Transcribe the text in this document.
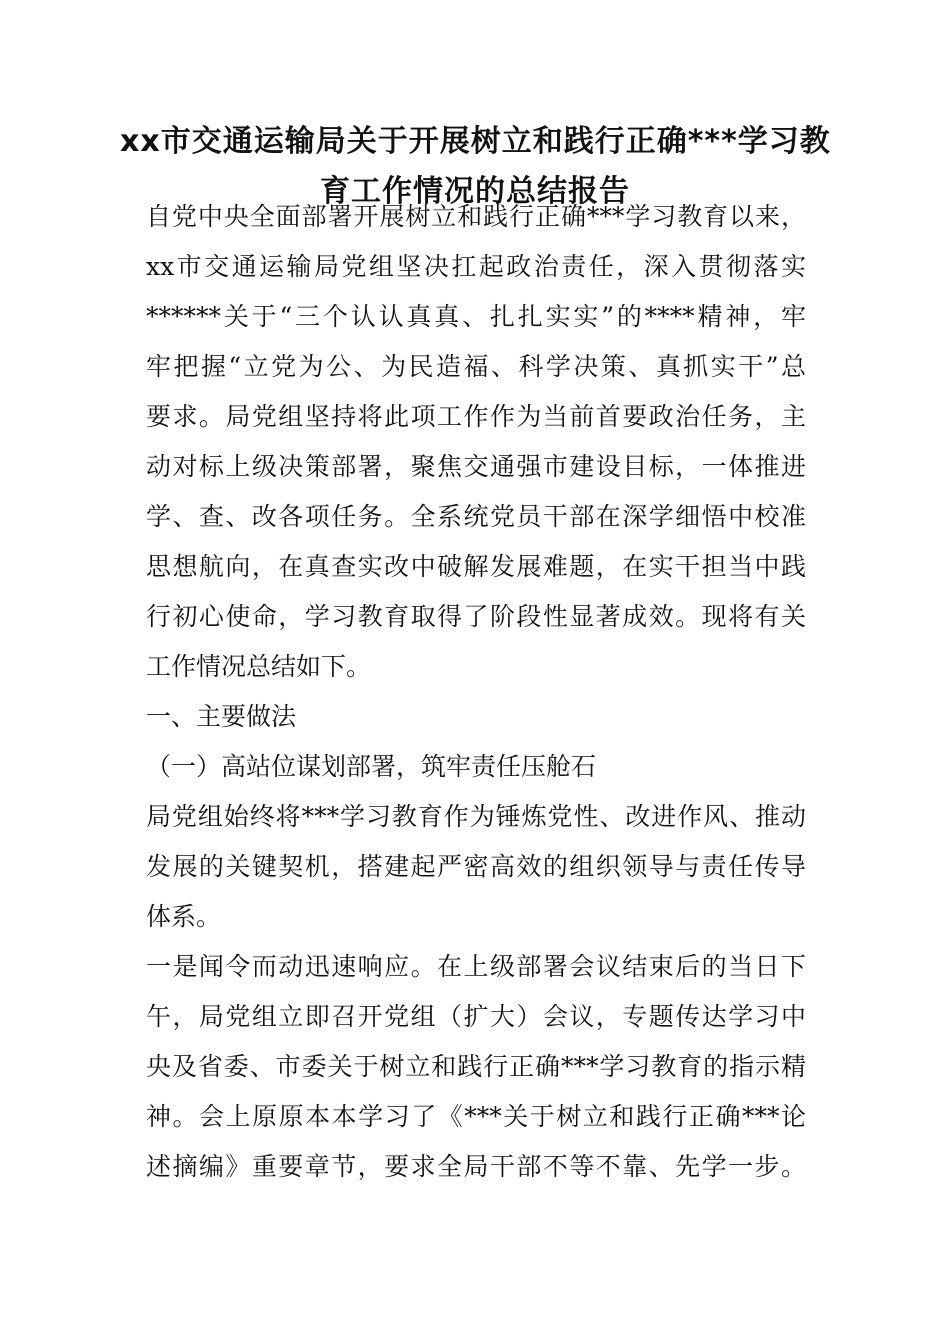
xx市交通运输局关于开展树立和践行正确***学习教
育工作情况的总结报告
自党中央全面部署开展树立和践行正确***学习教育以来，
xx市交通运输局党组坚决扛起政治责任，深入贯彻落实
******关于“三个认认真真、扎扎实实”的****精神，牢
牢把握“立党为公、为民造福、科学决策、真抓实干”总
要求。局党组坚持将此项工作作为当前首要政治任务，主
动对标上级决策部署，聚焦交通强市建设目标，一体推进
学、查、改各项任务。全系统党员干部在深学细悟中校准
思想航向，在真查实改中破解发展难题，在实干担当中践
行初心使命，学习教育取得了阶段性显著成效。现将有关
工作情况总结如下。
一、主要做法
（一）高站位谋划部署，筑牢责任压舱石
局党组始终将***学习教育作为锤炼党性、改进作风、推动
发展的关键契机，搭建起严密高效的组织领导与责任传导
体系。
一是闻令而动迅速响应。在上级部署会议结束后的当日下
午，局党组立即召开党组（扩大）会议，专题传达学习中
央及省委、市委关于树立和践行正确***学习教育的指示精
神。会上原原本本学习了《***关于树立和践行正确***论
述摘编》重要章节，要求全局干部不等不靠、先学一步。
